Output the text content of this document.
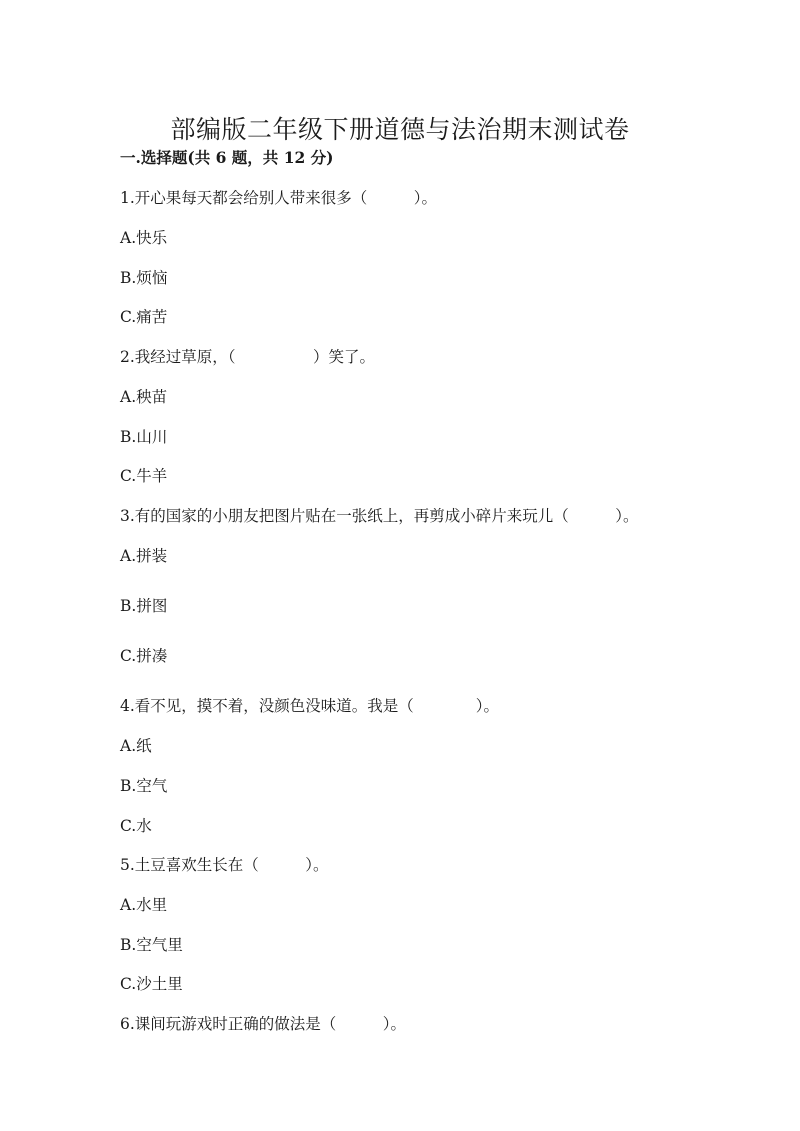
部编版二年级下册道德与法治期末测试卷
一.选择题(共 6 题，共 12 分)
1.开心果每天都会给别人带来很多（　　　）。
A.快乐
B.烦恼
C.痛苦
2.我经过草原，（　　　　　）笑了。
A.秧苗
B.山川
C.牛羊
3.有的国家的小朋友把图片贴在一张纸上，再剪成小碎片来玩儿（　　　）。
A.拼装
B.拼图
C.拼凑
4.看不见，摸不着，没颜色没味道。我是（　　　　）。
A.纸
B.空气
C.水
5.土豆喜欢生长在（　　　）。
A.水里
B.空气里
C.沙土里
6.课间玩游戏时正确的做法是（　　　）。
